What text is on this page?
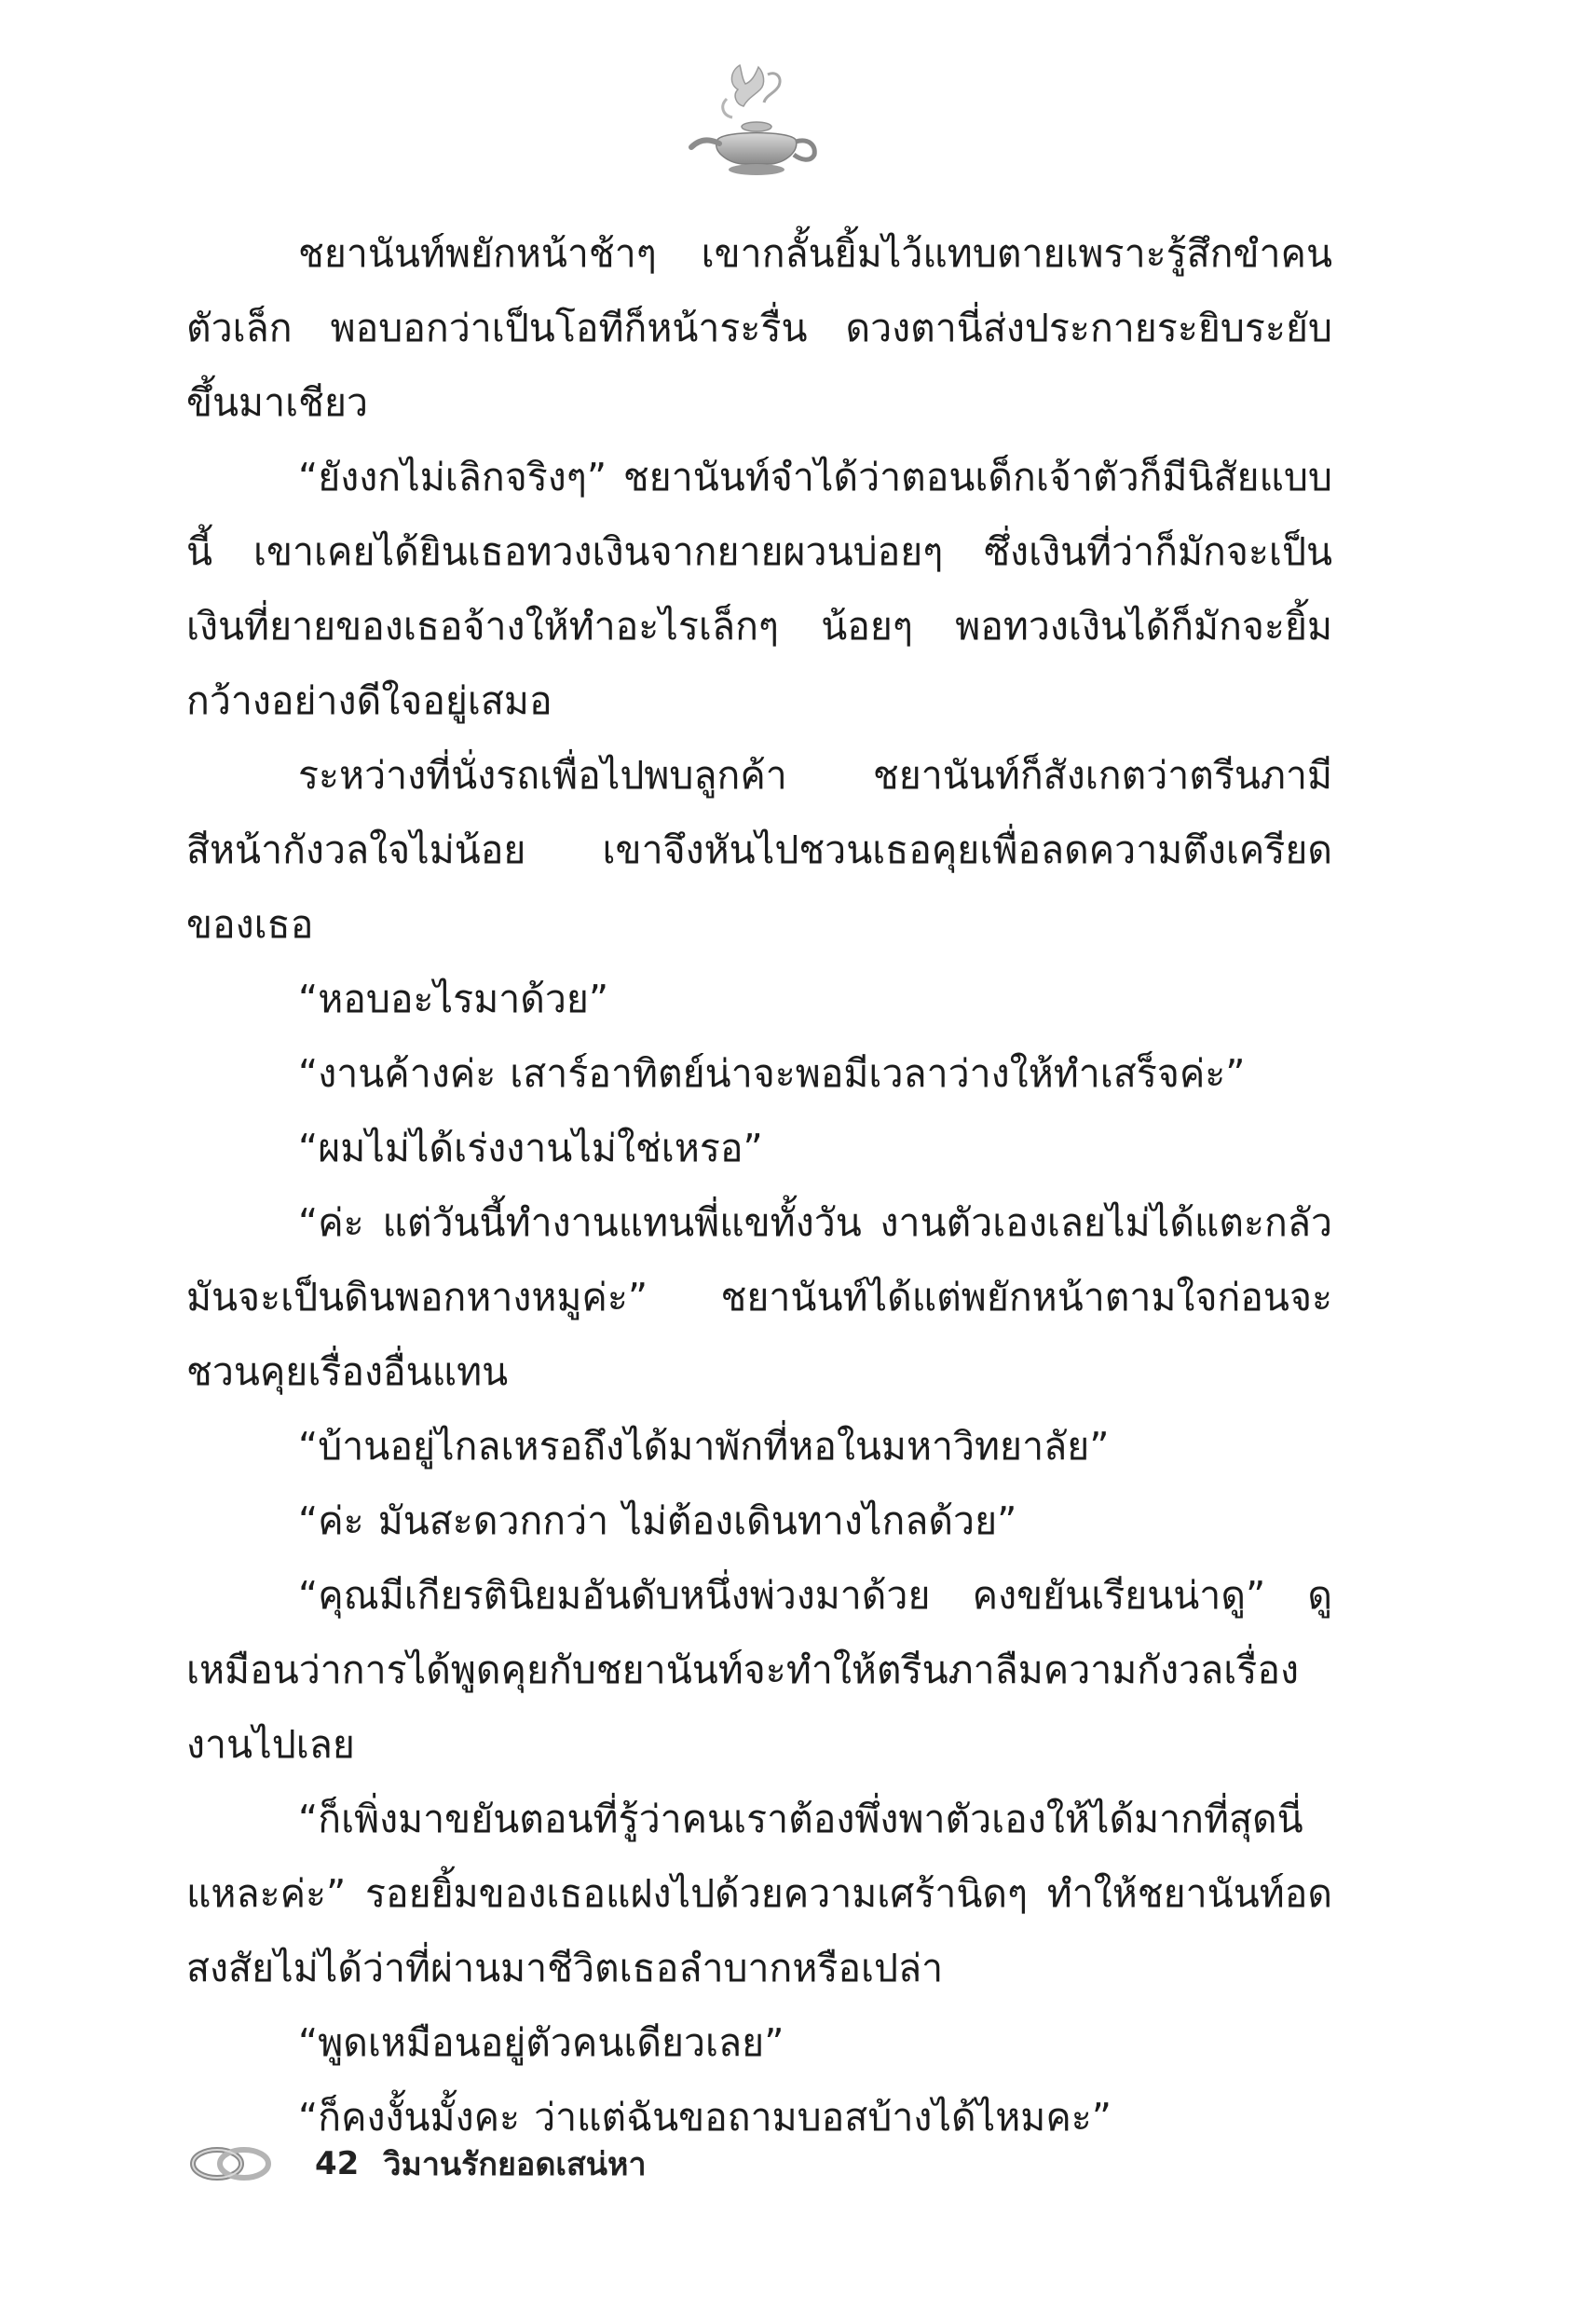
ชยานันท์พยักหน้าช้าๆ เขากลั้นยิ้มไว้แทบตายเพราะรู้สึกขำคนตัวเล็ก พอบอกว่าเป็นโอทีก็หน้าระรื่น ดวงตานี่ส่งประกายระยิบระยับขึ้นมาเชียว

“ยังงกไม่เลิกจริงๆ” ชยานันท์จำได้ว่าตอนเด็กเจ้าตัวก็มีนิสัยแบบนี้ เขาเคยได้ยินเธอทวงเงินจากยายผวนบ่อยๆ ซึ่งเงินที่ว่าก็มักจะเป็นเงินที่ยายของเธอจ้างให้ทำอะไรเล็กๆ น้อยๆ พอทวงเงินได้ก็มักจะยิ้มกว้างอย่างดีใจอยู่เสมอ

ระหว่างที่นั่งรถเพื่อไปพบลูกค้า ชยานันท์ก็สังเกตว่าตรีนภามีสีหน้ากังวลใจไม่น้อย เขาจึงหันไปชวนเธอคุยเพื่อลดความตึงเครียดของเธอ

“หอบอะไรมาด้วย”

“งานค้างค่ะ เสาร์อาทิตย์น่าจะพอมีเวลาว่างให้ทำเสร็จค่ะ”

“ผมไม่ได้เร่งงานไม่ใช่เหรอ”

“ค่ะ แต่วันนี้ทำงานแทนพี่แขทั้งวัน งานตัวเองเลยไม่ได้แตะกลัวมันจะเป็นดินพอกหางหมูค่ะ” ชยานันท์ได้แต่พยักหน้าตามใจก่อนจะชวนคุยเรื่องอื่นแทน

“บ้านอยู่ไกลเหรอถึงได้มาพักที่หอในมหาวิทยาลัย”

“ค่ะ มันสะดวกกว่า ไม่ต้องเดินทางไกลด้วย”

“คุณมีเกียรตินิยมอันดับหนึ่งพ่วงมาด้วย คงขยันเรียนน่าดู” ดูเหมือนว่าการได้พูดคุยกับชยานันท์จะทำให้ตรีนภาลืมความกังวลเรื่องงานไปเลย

“ก็เพิ่งมาขยันตอนที่รู้ว่าคนเราต้องพึ่งพาตัวเองให้ได้มากที่สุดนี่แหละค่ะ” รอยยิ้มของเธอแฝงไปด้วยความเศร้านิดๆ ทำให้ชยานันท์อดสงสัยไม่ได้ว่าที่ผ่านมาชีวิตเธอลำบากหรือเปล่า

“พูดเหมือนอยู่ตัวคนเดียวเลย”

“ก็คงงั้นมั้งคะ ว่าแต่ฉันขอถามบอสบ้างได้ไหมคะ”

42 วิมานรักยอดเสน่หา
